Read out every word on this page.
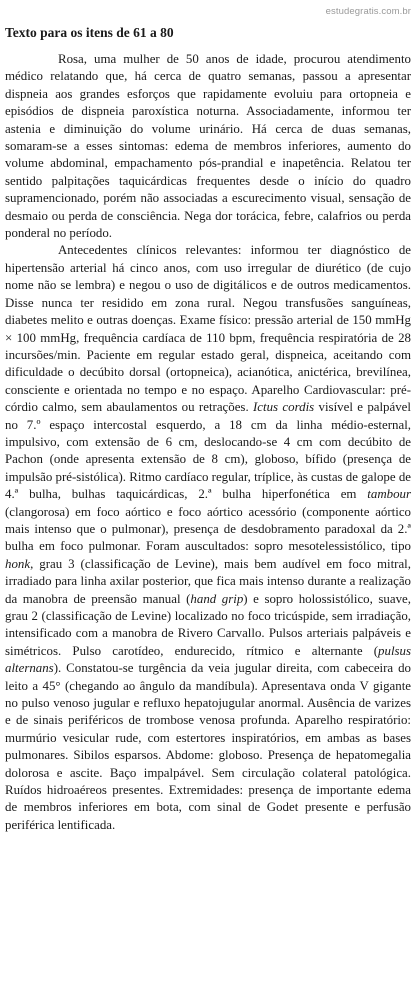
estudegratis.com.br
Texto para os itens de 61 a 80

Rosa, uma mulher de 50 anos de idade, procurou atendimento médico relatando que, há cerca de quatro semanas, passou a apresentar dispneia aos grandes esforços que rapidamente evoluiu para ortopneia e episódios de dispneia paroxística noturna. Associadamente, informou ter astenia e diminuição do volume urinário. Há cerca de duas semanas, somaram-se a esses sintomas: edema de membros inferiores, aumento do volume abdominal, empachamento pós-prandial e inapetência. Relatou ter sentido palpitações taquicárdicas frequentes desde o início do quadro supramencionado, porém não associadas a escurecimento visual, sensação de desmaio ou perda de consciência. Nega dor torácica, febre, calafrios ou perda ponderal no período.

Antecedentes clínicos relevantes: informou ter diagnóstico de hipertensão arterial há cinco anos, com uso irregular de diurético (de cujo nome não se lembra) e negou o uso de digitálicos e de outros medicamentos. Disse nunca ter residido em zona rural. Negou transfusões sanguíneas, diabetes melito e outras doenças. Exame físico: pressão arterial de 150 mmHg × 100 mmHg, frequência cardíaca de 110 bpm, frequência respiratória de 28 incursões/min. Paciente em regular estado geral, dispneica, aceitando com dificuldade o decúbito dorsal (ortopneica), acianótica, anictérica, brevilínea, consciente e orientada no tempo e no espaço. Aparelho Cardiovascular: pré-córdio calmo, sem abaulamentos ou retrações. Ictus cordis visível e palpável no 7.º espaço intercostal esquerdo, a 18 cm da linha médio-esternal, impulsivo, com extensão de 6 cm, deslocando-se 4 cm com decúbito de Pachon (onde apresenta extensão de 8 cm), globoso, bífido (presença de impulsão pré-sistólica). Ritmo cardíaco regular, tríplice, às custas de galope de 4.ª bulha, bulhas taquicárdicas, 2.ª bulha hiperfonética em tambour (clangorosa) em foco aórtico e foco aórtico acessório (componente aórtico mais intenso que o pulmonar), presença de desdobramento paradoxal da 2.ª bulha em foco pulmonar. Foram auscultados: sopro mesotelessistólico, tipo honk, grau 3 (classificação de Levine), mais bem audível em foco mitral, irradiado para linha axilar posterior, que fica mais intenso durante a realização da manobra de preensão manual (hand grip) e sopro holossistólico, suave, grau 2 (classificação de Levine) localizado no foco tricúspide, sem irradiação, intensificado com a manobra de Rivero Carvallo. Pulsos arteriais palpáveis e simétricos. Pulso carotídeo, endurecido, rítmico e alternante (pulsus alternans). Constatou-se turgência da veia jugular direita, com cabeceira do leito a 45° (chegando ao ângulo da mandíbula). Apresentava onda V gigante no pulso venoso jugular e refluxo hepatojugular anormal. Ausência de varizes e de sinais periféricos de trombose venosa profunda. Aparelho respiratório: murmúrio vesicular rude, com estertores inspiratórios, em ambas as bases pulmonares. Sibilos esparsos. Abdome: globoso. Presença de hepatomegalia dolorosa e ascite. Baço impalpável. Sem circulação colateral patológica. Ruídos hidroaéreos presentes. Extremidades: presença de importante edema de membros inferiores em bota, com sinal de Godet presente e perfusão periférica lentificada.
